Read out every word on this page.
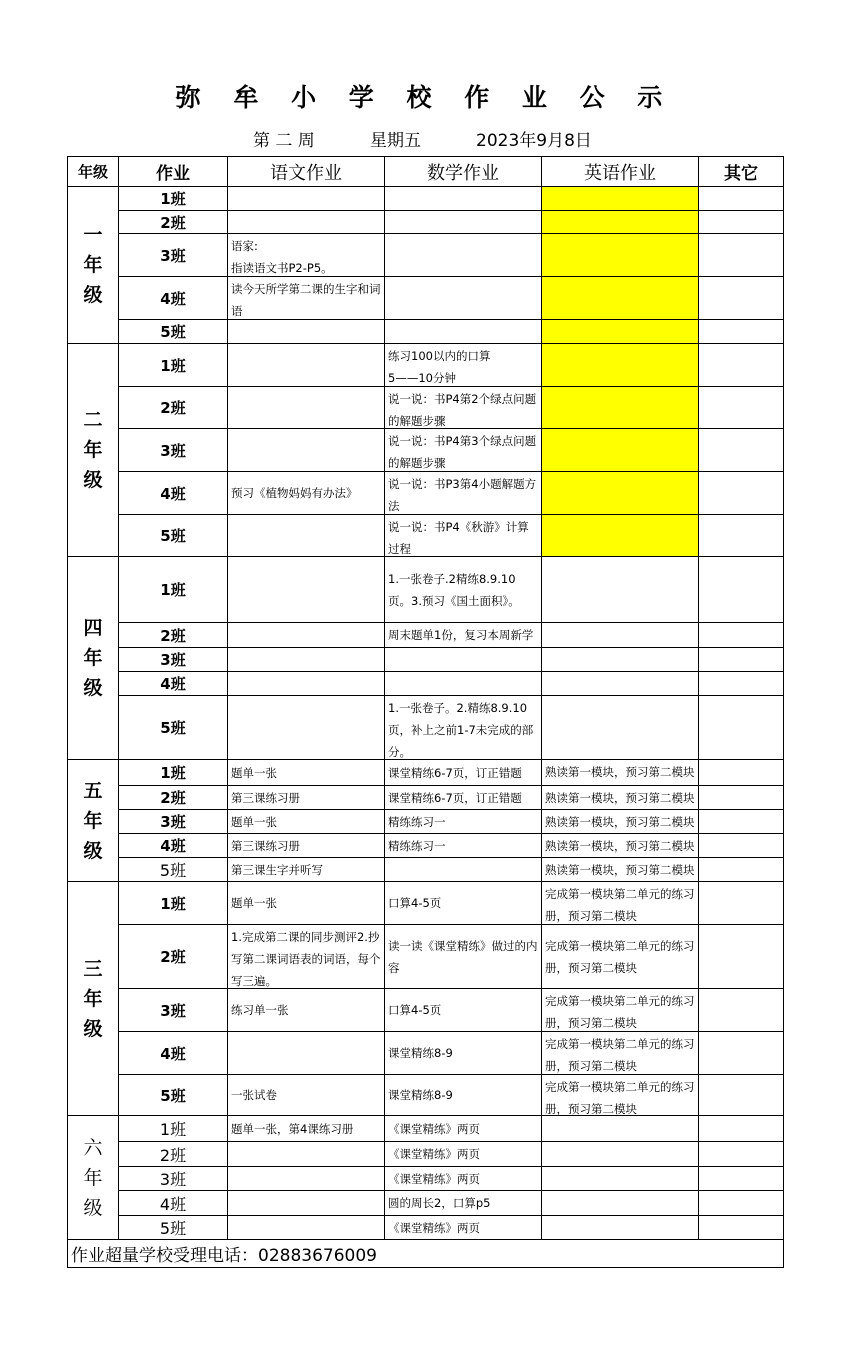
弥 牟 小 学 校 作 业 公 示
第 二 周	星期五	2023年9月8日
年级	作业	语文作业	数学作业	英语作业	其它
一
年
级	1班	

	2班	

	3班	语家:
指读语文书P2-P5。			

	4班	读今天所学第二课的生字和词语			

	5班	

二
年
级	1班		练习100以内的口算
5——10分钟		

	2班		说一说：书P4第2个绿点问题的解题步骤		

	3班		说一说：书P4第3个绿点问题的解题步骤		

	4班	预习《植物妈妈有办法》	说一说：书P3第4小题解题方法		

	5班		说一说：书P4《秋游》计算过程		

四
年
级	1班		1.一张卷子.2精练8.9.10页。3.预习《国土面积》。		

	2班		周末题单1份，复习本周新学		

	3班	

	4班	

	5班		1.一张卷子。2.精练8.9.10页，补上之前1-7未完成的部分。		

五
年
级	1班	题单一张	课堂精练6-7页，订正错题	熟读第一模块，预习第二模块	

	2班	第三课练习册	课堂精练6-7页，订正错题	熟读第一模块，预习第二模块	

	3班	题单一张	精练练习一	熟读第一模块，预习第二模块	

	4班	第三课练习册	精练练习一	熟读第一模块，预习第二模块	

	5班	第三课生字并听写		熟读第一模块，预习第二模块	

三
年
级	1班	题单一张	口算4-5页	完成第一模块第二单元的练习册，预习第二模块	

	2班	1.完成第二课的同步测评2.抄写第二课词语表的词语，每个写三遍。	读一读《课堂精练》做过的内容	完成第一模块第二单元的练习册，预习第二模块	

	3班	练习单一张	口算4-5页	完成第一模块第二单元的练习册，预习第二模块	

	4班		课堂精练8-9	完成第一模块第二单元的练习册，预习第二模块	

	5班	一张试卷	课堂精练8-9	完成第一模块第二单元的练习册，预习第二模块	

六
年
级	1班	题单一张，第4课练习册	《课堂精练》两页		

	2班		《课堂精练》两页		

	3班		《课堂精练》两页		

	4班		圆的周长2，口算p5		

	5班		《课堂精练》两页		

作业超量学校受理电话：02883676009					
